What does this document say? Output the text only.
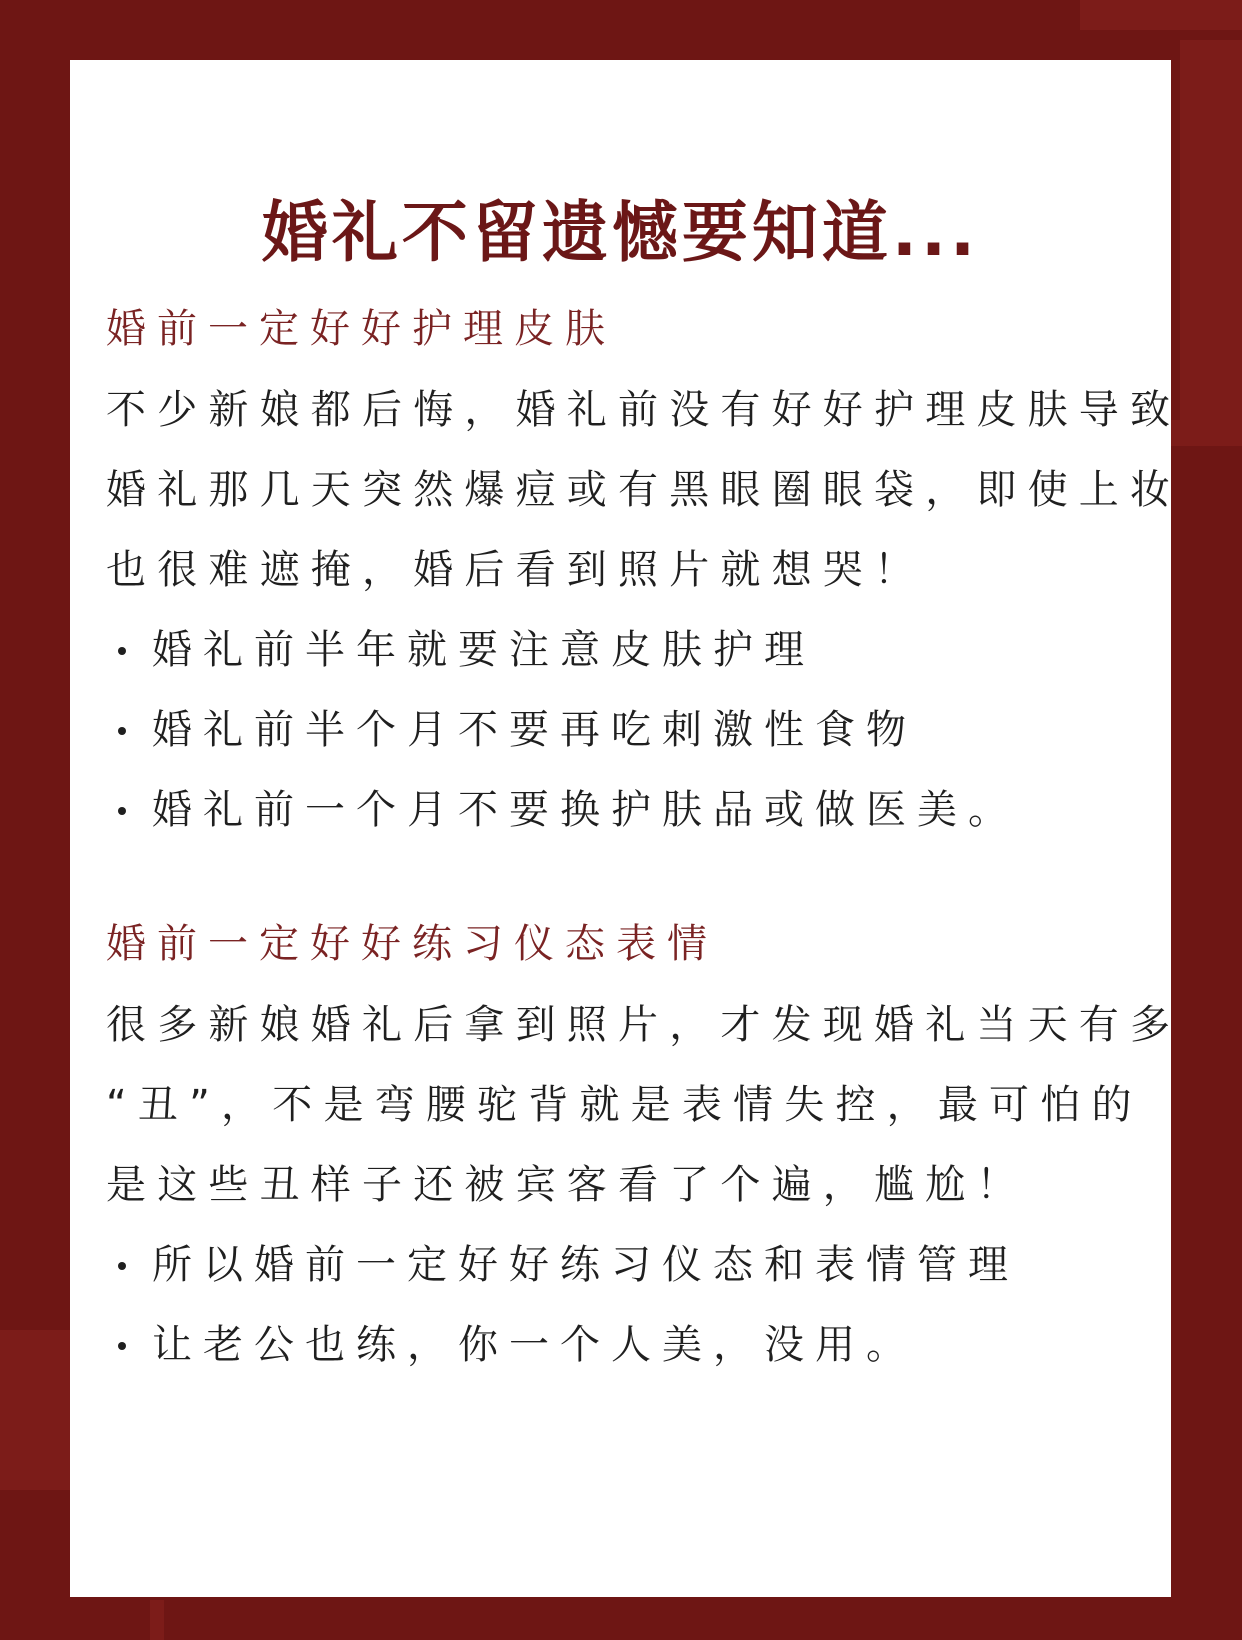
婚礼不留遗憾要知道...
婚前一定好好护理皮肤
不少新娘都后悔，婚礼前没有好好护理皮肤导致
婚礼那几天突然爆痘或有黑眼圈眼袋，即使上妆
也很难遮掩，婚后看到照片就想哭！
婚礼前半年就要注意皮肤护理
婚礼前半个月不要再吃刺激性食物
婚礼前一个月不要换护肤品或做医美。
婚前一定好好练习仪态表情
很多新娘婚礼后拿到照片，才发现婚礼当天有多
“丑”，不是弯腰驼背就是表情失控，最可怕的
是这些丑样子还被宾客看了个遍，尴尬！
所以婚前一定好好练习仪态和表情管理
让老公也练，你一个人美，没用。
